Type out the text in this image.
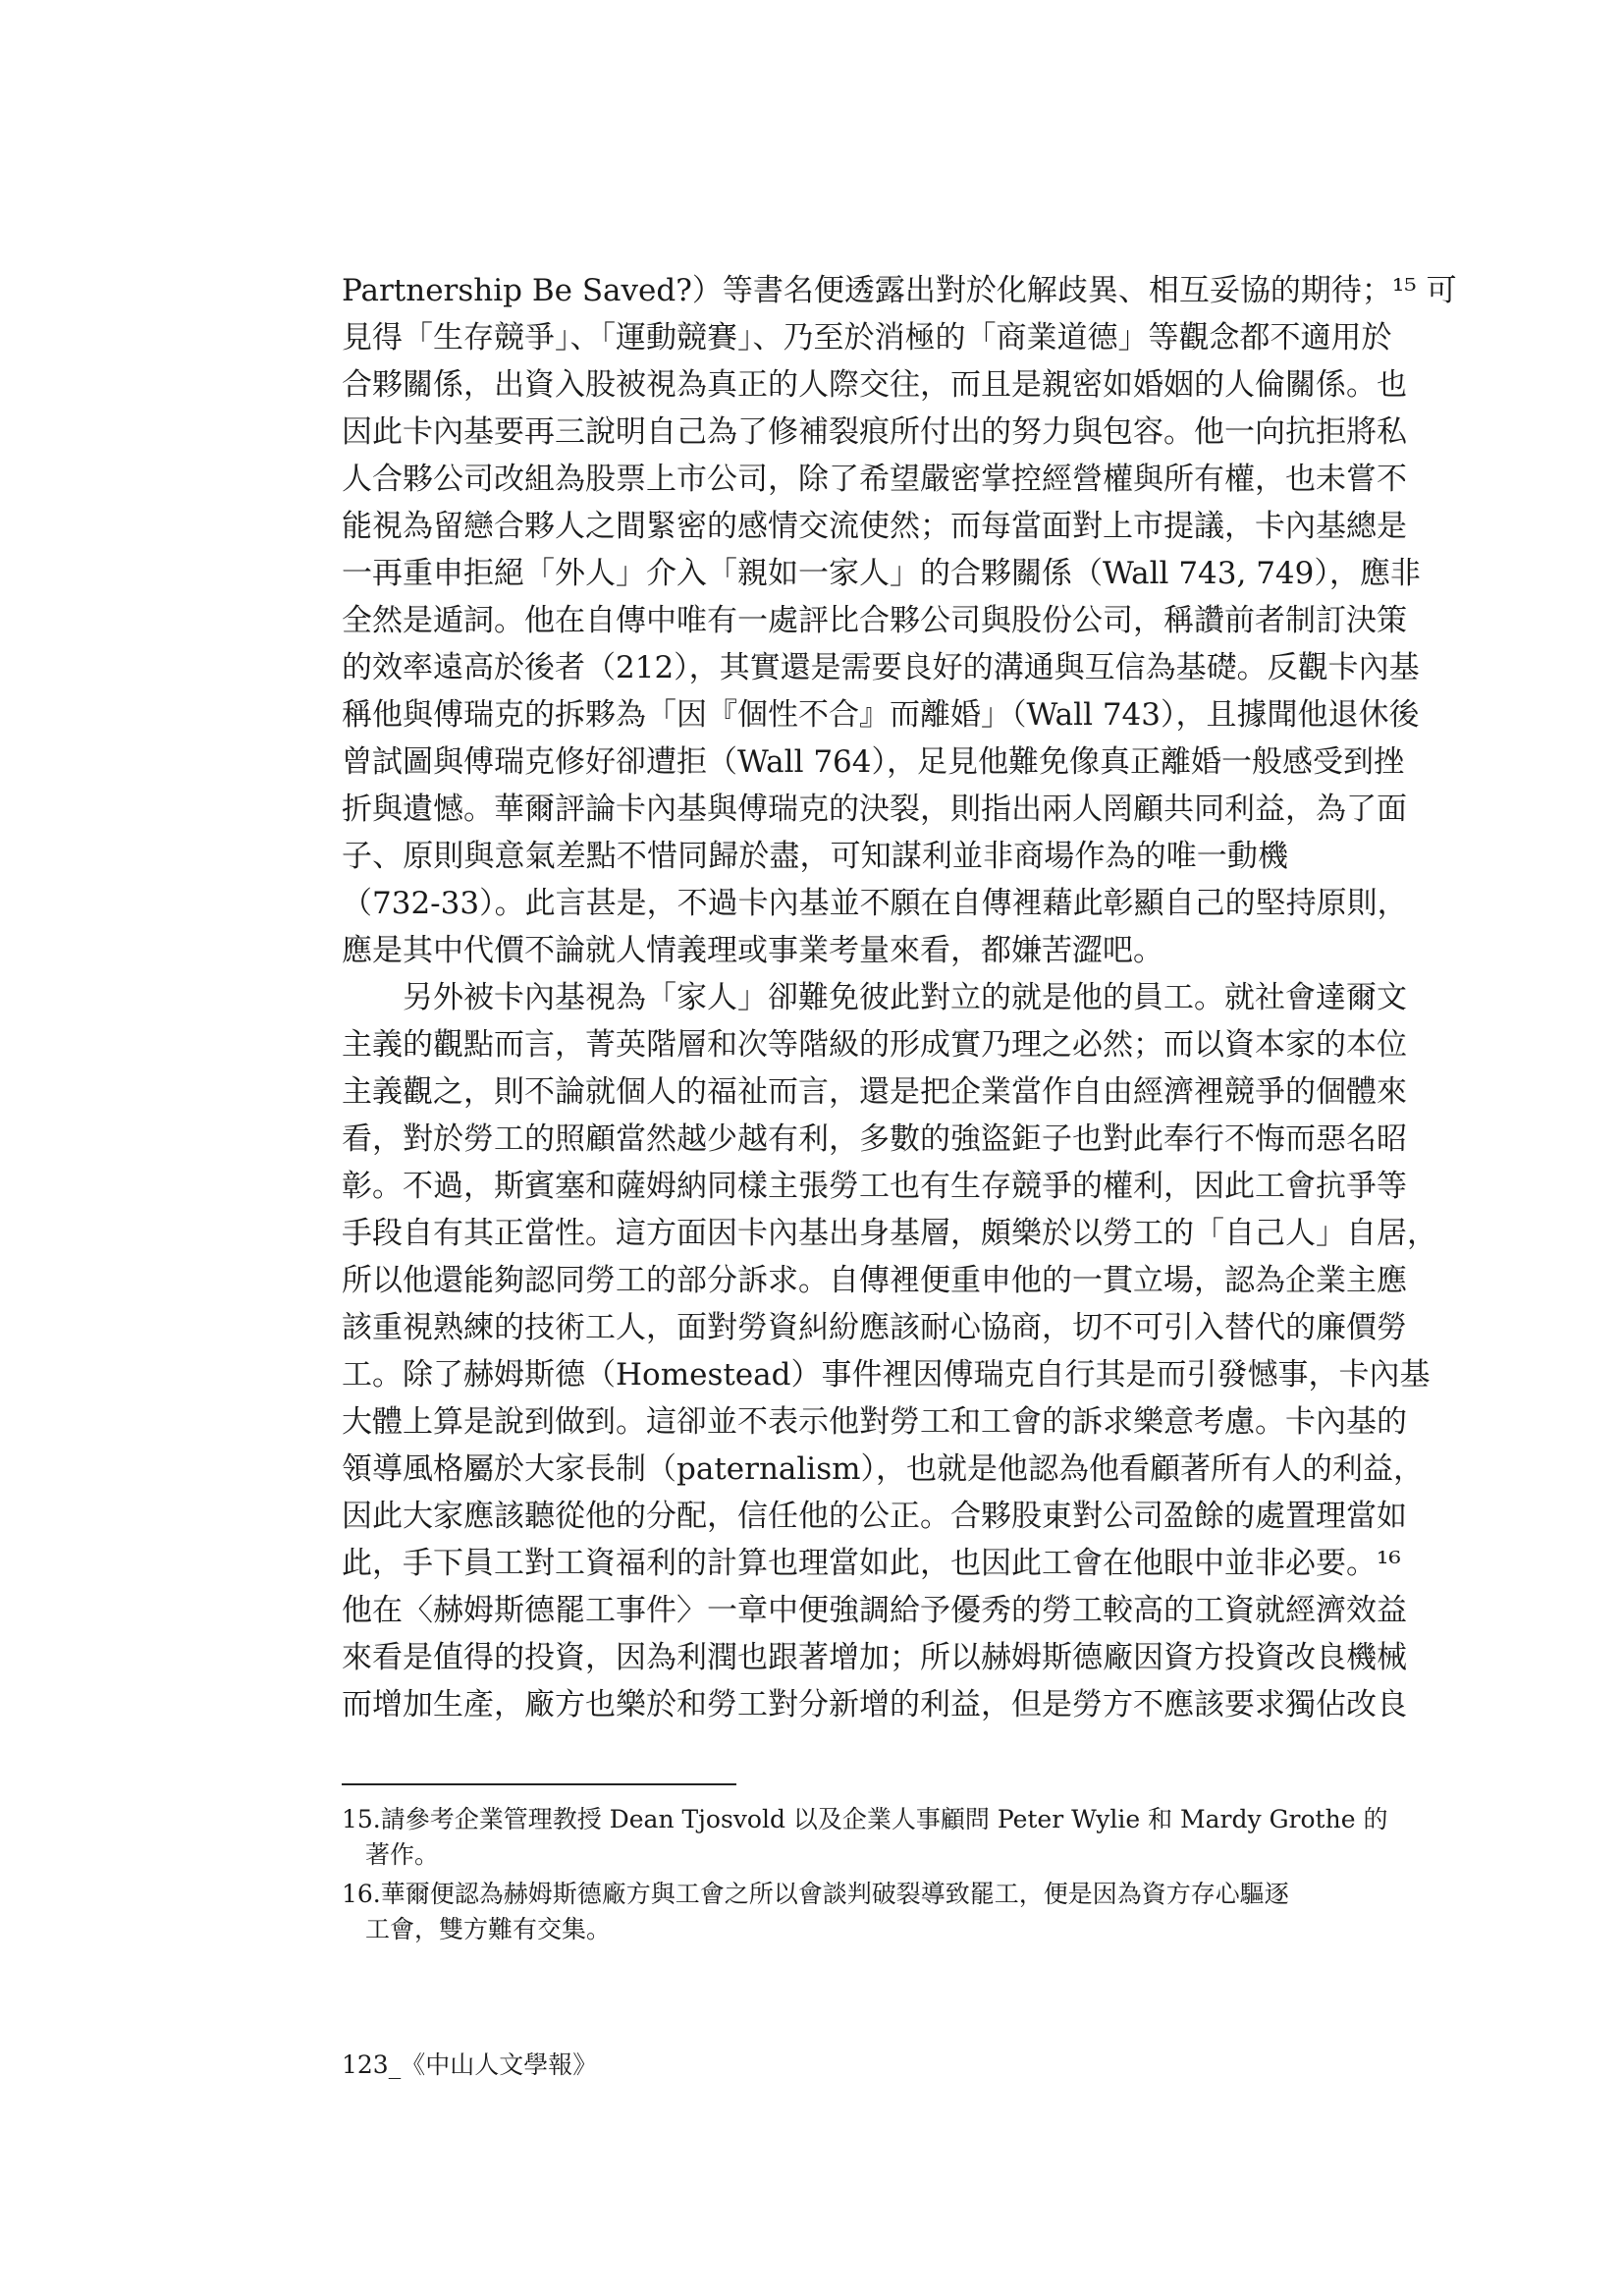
Partnership Be Saved?）等書名便透露出對於化解歧異、相互妥協的期待；¹⁵ 可
見得「生存競爭」、「運動競賽」、乃至於消極的「商業道德」等觀念都不適用於
合夥關係，出資入股被視為真正的人際交往，而且是親密如婚姻的人倫關係。也
因此卡內基要再三說明自己為了修補裂痕所付出的努力與包容。他一向抗拒將私
人合夥公司改組為股票上市公司，除了希望嚴密掌控經營權與所有權，也未嘗不
能視為留戀合夥人之間緊密的感情交流使然；而每當面對上市提議，卡內基總是
一再重申拒絕「外人」介入「親如一家人」的合夥關係（Wall 743, 749），應非
全然是遁詞。他在自傳中唯有一處評比合夥公司與股份公司，稱讚前者制訂決策
的效率遠高於後者（212），其實還是需要良好的溝通與互信為基礎。反觀卡內基
稱他與傅瑞克的拆夥為「因『個性不合』而離婚」（Wall 743），且據聞他退休後
曾試圖與傅瑞克修好卻遭拒（Wall 764），足見他難免像真正離婚一般感受到挫
折與遺憾。華爾評論卡內基與傅瑞克的決裂，則指出兩人罔顧共同利益，為了面
子、原則與意氣差點不惜同歸於盡，可知謀利並非商場作為的唯一動機
（732-33）。此言甚是，不過卡內基並不願在自傳裡藉此彰顯自己的堅持原則，
應是其中代價不論就人情義理或事業考量來看，都嫌苦澀吧。
另外被卡內基視為「家人」卻難免彼此對立的就是他的員工。就社會達爾文
主義的觀點而言，菁英階層和次等階級的形成實乃理之必然；而以資本家的本位
主義觀之，則不論就個人的福祉而言，還是把企業當作自由經濟裡競爭的個體來
看，對於勞工的照顧當然越少越有利，多數的強盜鉅子也對此奉行不悔而惡名昭
彰。不過，斯賓塞和薩姆納同樣主張勞工也有生存競爭的權利，因此工會抗爭等
手段自有其正當性。這方面因卡內基出身基層，頗樂於以勞工的「自己人」自居，
所以他還能夠認同勞工的部分訴求。自傳裡便重申他的一貫立場，認為企業主應
該重視熟練的技術工人，面對勞資糾紛應該耐心協商，切不可引入替代的廉價勞
工。除了赫姆斯德（Homestead）事件裡因傅瑞克自行其是而引發憾事，卡內基
大體上算是說到做到。這卻並不表示他對勞工和工會的訴求樂意考慮。卡內基的
領導風格屬於大家長制（paternalism），也就是他認為他看顧著所有人的利益，
因此大家應該聽從他的分配，信任他的公正。合夥股東對公司盈餘的處置理當如
此，手下員工對工資福利的計算也理當如此，也因此工會在他眼中並非必要。¹⁶
他在〈赫姆斯德罷工事件〉一章中便強調給予優秀的勞工較高的工資就經濟效益
來看是值得的投資，因為利潤也跟著增加；所以赫姆斯德廠因資方投資改良機械
而增加生產，廠方也樂於和勞工對分新增的利益，但是勞方不應該要求獨佔改良
15.請參考企業管理教授 Dean Tjosvold 以及企業人事顧問 Peter Wylie 和 Mardy Grothe 的
著作。
16.華爾便認為赫姆斯德廠方與工會之所以會談判破裂導致罷工，便是因為資方存心驅逐
工會，雙方難有交集。
123_《中山人文學報》
